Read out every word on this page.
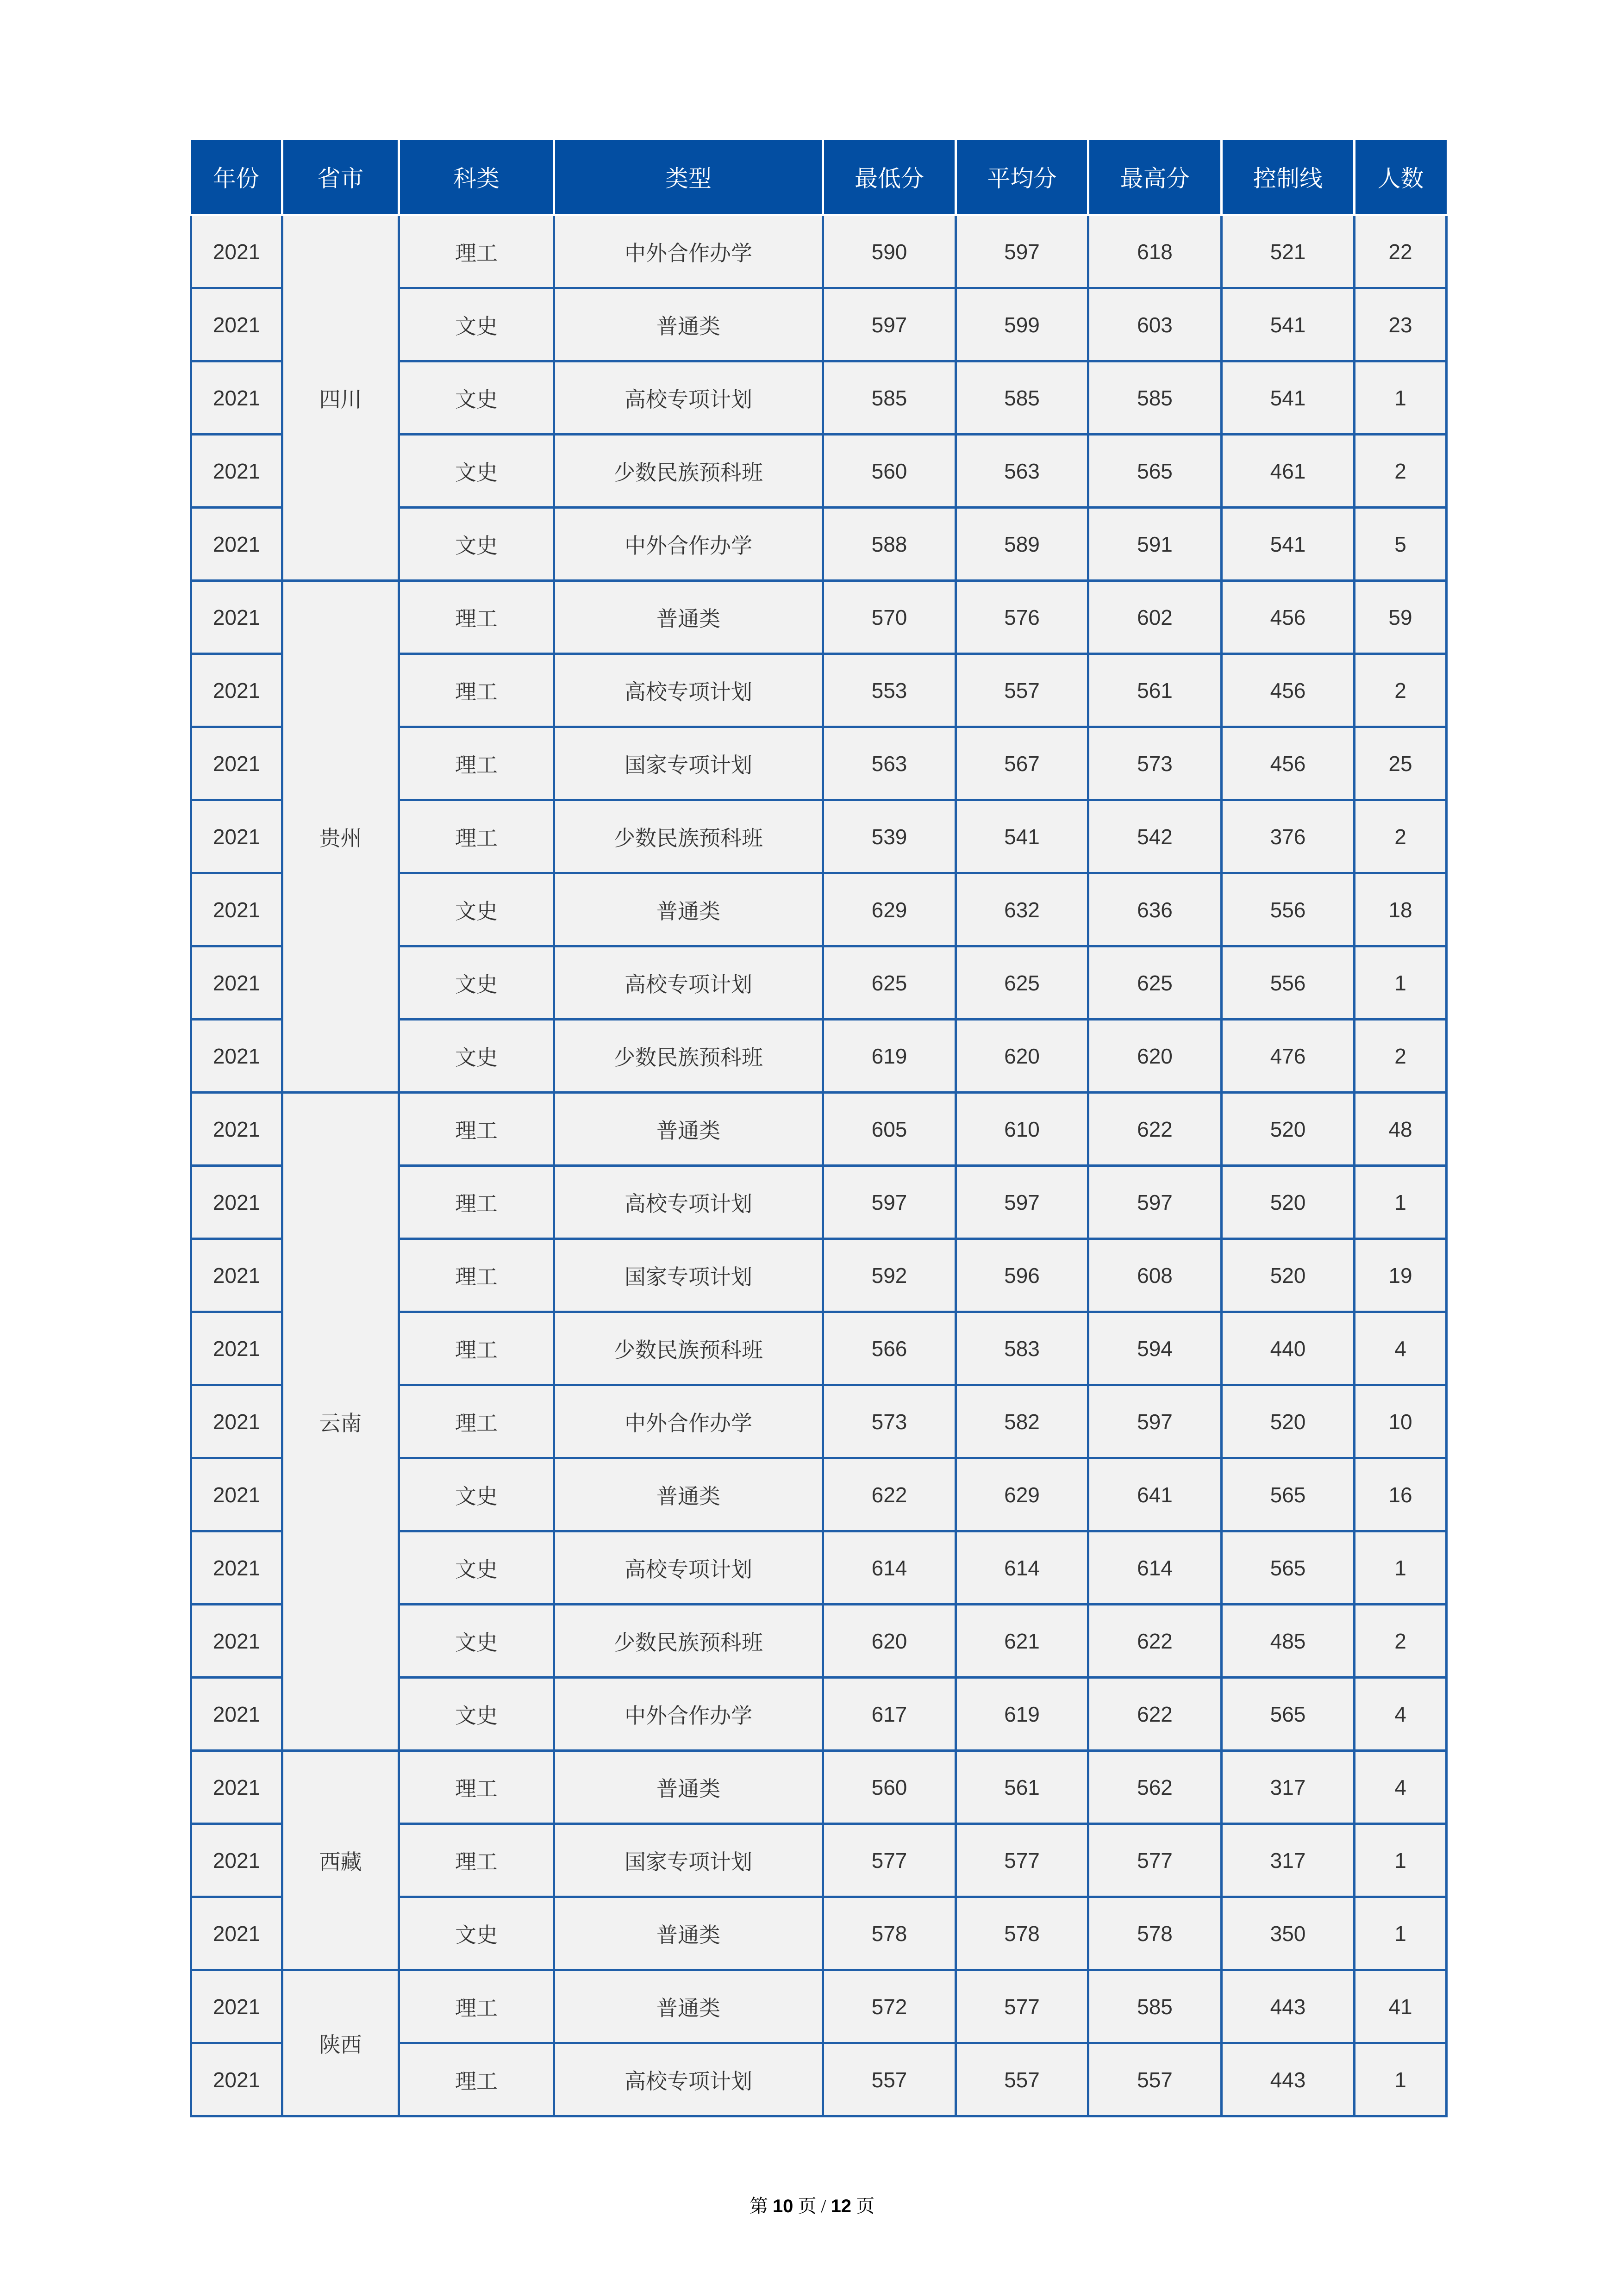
年份	省市	科类	类型	最低分	平均分	最高分	控制线	人数
2021	四川	理工	中外合作办学	590	597	618	521	22
2021		文史	普通类	597	599	603	541	23
2021		文史	高校专项计划	585	585	585	541	1
2021		文史	少数民族预科班	560	563	565	461	2
2021		文史	中外合作办学	588	589	591	541	5
2021	贵州	理工	普通类	570	576	602	456	59
2021		理工	高校专项计划	553	557	561	456	2
2021		理工	国家专项计划	563	567	573	456	25
2021		理工	少数民族预科班	539	541	542	376	2
2021		文史	普通类	629	632	636	556	18
2021		文史	高校专项计划	625	625	625	556	1
2021		文史	少数民族预科班	619	620	620	476	2
2021	云南	理工	普通类	605	610	622	520	48
2021		理工	高校专项计划	597	597	597	520	1
2021		理工	国家专项计划	592	596	608	520	19
2021		理工	少数民族预科班	566	583	594	440	4
2021		理工	中外合作办学	573	582	597	520	10
2021		文史	普通类	622	629	641	565	16
2021		文史	高校专项计划	614	614	614	565	1
2021		文史	少数民族预科班	620	621	622	485	2
2021		文史	中外合作办学	617	619	622	565	4
2021	西藏	理工	普通类	560	561	562	317	4
2021		理工	国家专项计划	577	577	577	317	1
2021		文史	普通类	578	578	578	350	1
2021	陕西	理工	普通类	572	577	585	443	41
2021		理工	高校专项计划	557	557	557	443	1
第 10 页 / 12 页
